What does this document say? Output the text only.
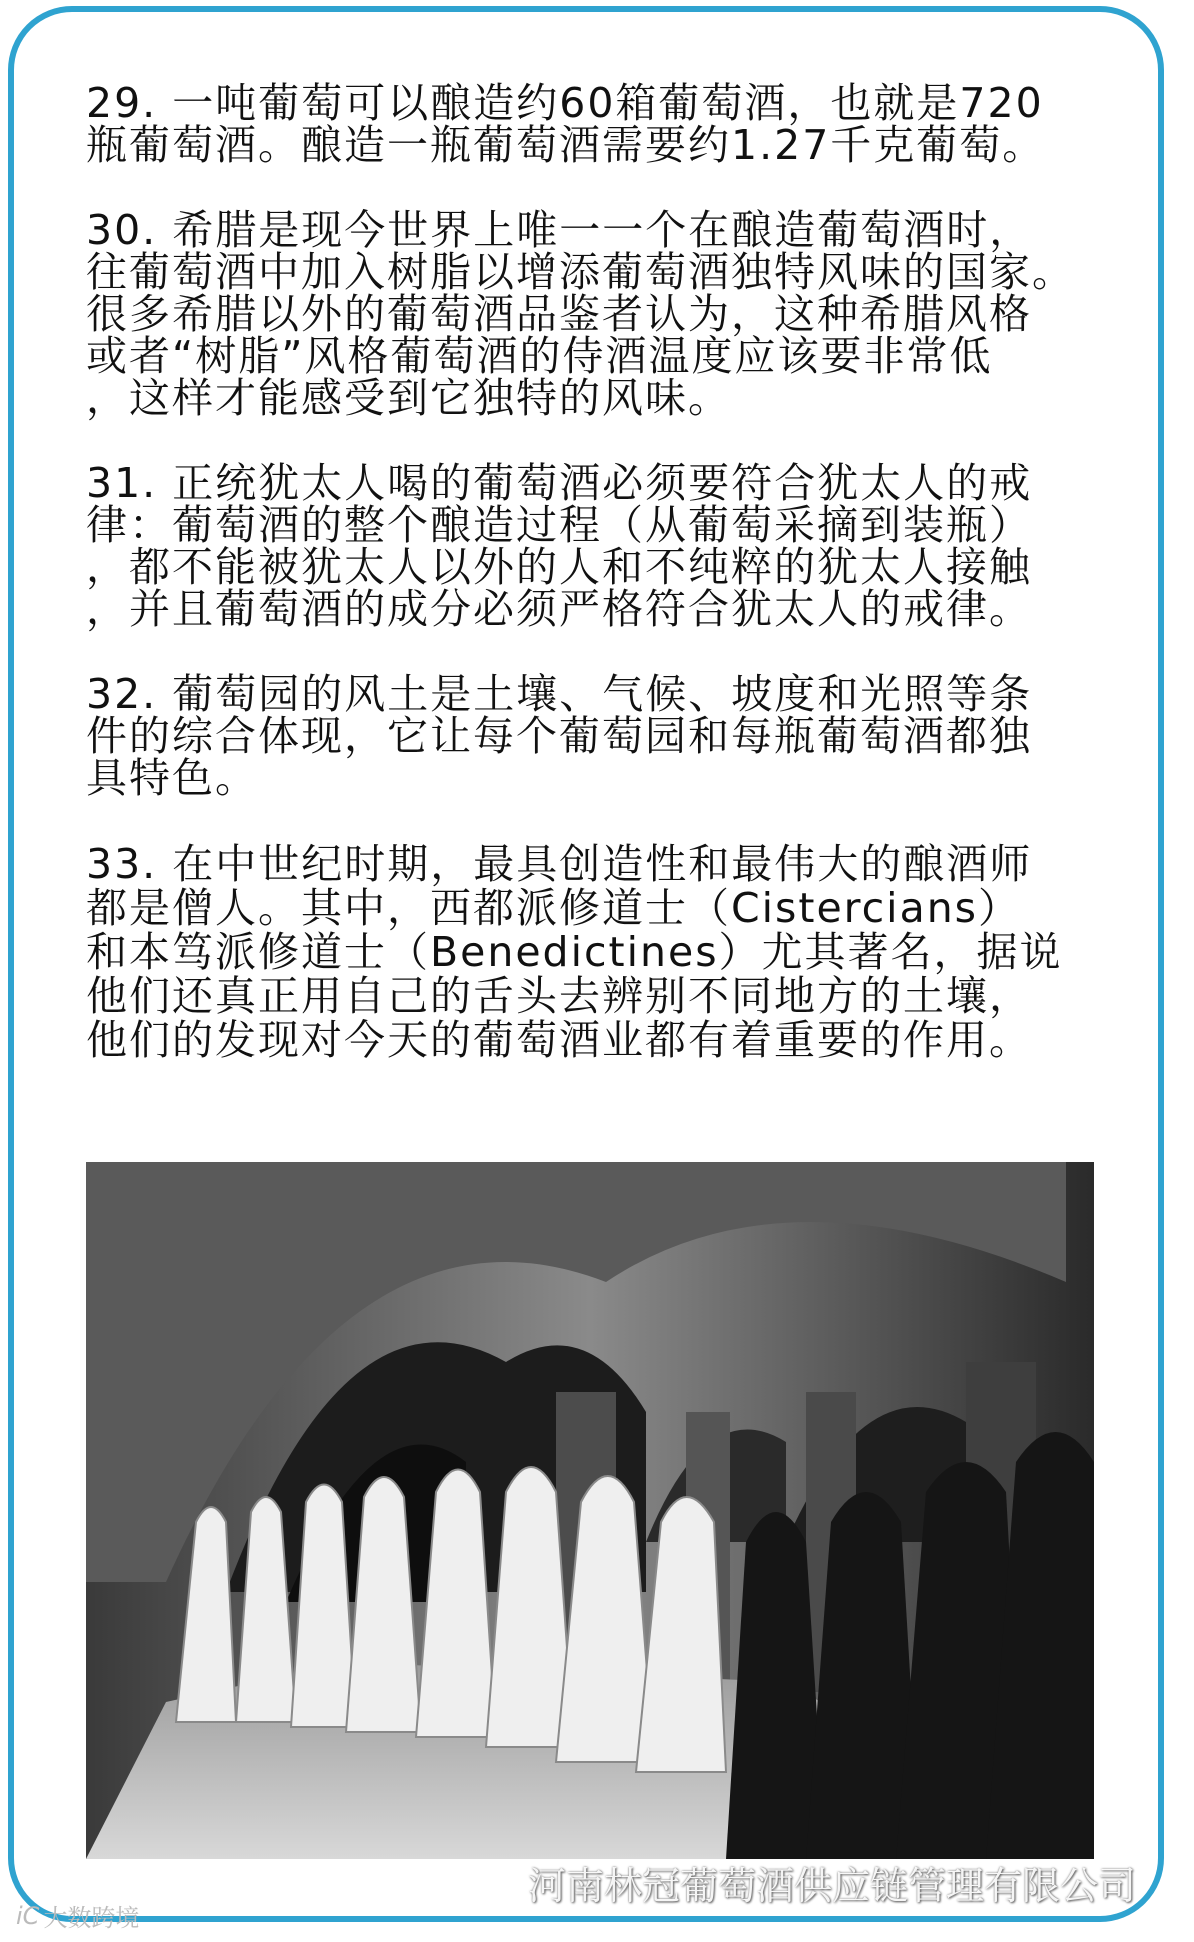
29. 一吨葡萄可以酿造约60箱葡萄酒，也就是720
瓶葡萄酒。酿造一瓶葡萄酒需要约1.27千克葡萄。

30. 希腊是现今世界上唯一一个在酿造葡萄酒时，
往葡萄酒中加入树脂以增添葡萄酒独特风味的国家。
很多希腊以外的葡萄酒品鉴者认为，这种希腊风格
或者“树脂”风格葡萄酒的侍酒温度应该要非常低
，这样才能感受到它独特的风味。

31. 正统犹太人喝的葡萄酒必须要符合犹太人的戒
律：葡萄酒的整个酿造过程（从葡萄采摘到装瓶）
，都不能被犹太人以外的人和不纯粹的犹太人接触
，并且葡萄酒的成分必须严格符合犹太人的戒律。

32. 葡萄园的风土是土壤、气候、坡度和光照等条
件的综合体现，它让每个葡萄园和每瓶葡萄酒都独
具特色。

33. 在中世纪时期，最具创造性和最伟大的酿酒师
都是僧人。其中，西都派修道士（Cistercians）
和本笃派修道士（Benedictines）尤其著名，据说
他们还真正用自己的舌头去辨别不同地方的土壤，
他们的发现对今天的葡萄酒业都有着重要的作用。

河南林冠葡萄酒供应链管理有限公司
iC 大数跨境
